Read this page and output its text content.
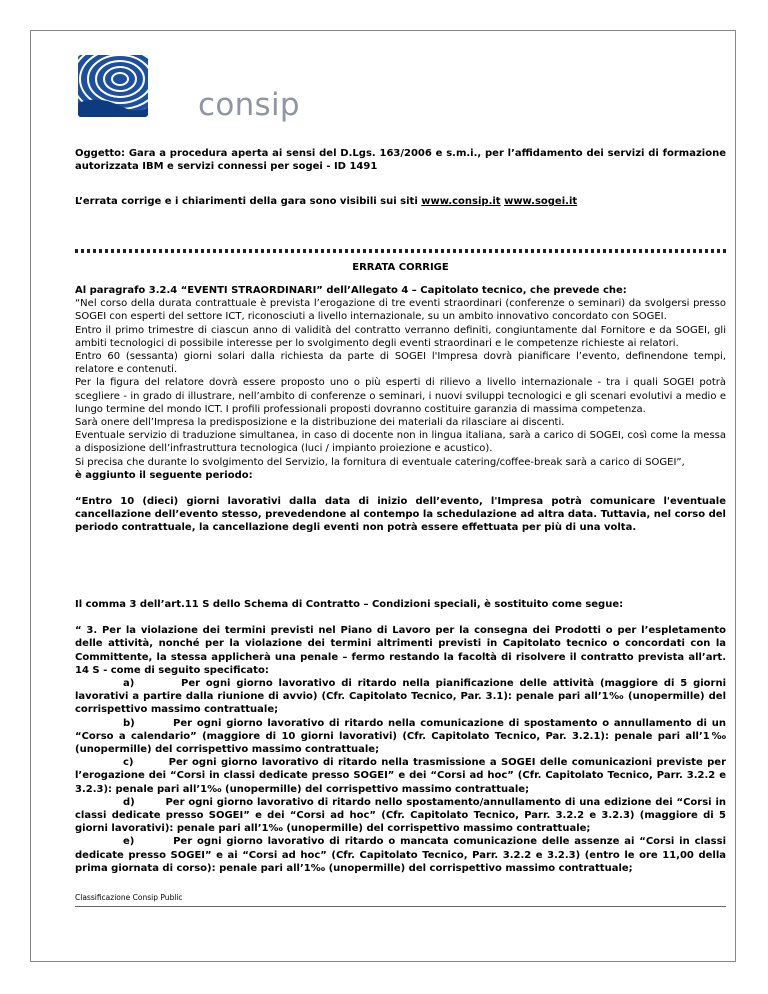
consip

Oggetto: Gara a procedura aperta ai sensi del D.Lgs. 163/2006 e s.m.i., per l’affidamento dei servizi di formazione autorizzata IBM e servizi connessi per sogei - ID 1491

L’errata corrige e i chiarimenti della gara sono visibili sui siti www.consip.it www.sogei.it

ERRATA CORRIGE

Al paragrafo 3.2.4 “EVENTI STRAORDINARI” dell’Allegato 4 – Capitolato tecnico, che prevede che:

“Nel corso della durata contrattuale è prevista l’erogazione di tre eventi straordinari (conferenze o seminari) da svolgersi presso SOGEI con esperti del settore ICT, riconosciuti a livello internazionale, su un ambito innovativo concordato con SOGEI.

Entro il primo trimestre di ciascun anno di validità del contratto verranno definiti, congiuntamente dal Fornitore e da SOGEI, gli ambiti tecnologici di possibile interesse per lo svolgimento degli eventi straordinari e le competenze richieste ai relatori.

Entro 60 (sessanta) giorni solari dalla richiesta da parte di SOGEI l'Impresa dovrà pianificare l’evento, definendone tempi, relatore e contenuti.

Per la figura del relatore dovrà essere proposto uno o più esperti di rilievo a livello internazionale - tra i quali SOGEI potrà scegliere - in grado di illustrare, nell’ambito di conferenze o seminari, i nuovi sviluppi tecnologici e gli scenari evolutivi a medio e lungo termine del mondo ICT. I profili professionali proposti dovranno costituire garanzia di massima competenza.

Sarà onere dell’Impresa la predisposizione e la distribuzione dei materiali da rilasciare ai discenti.

Eventuale servizio di traduzione simultanea, in caso di docente non in lingua italiana, sarà a carico di SOGEI, così come la messa a disposizione dell’infrastruttura tecnologica (luci / impianto proiezione e acustico).

Si precisa che durante lo svolgimento del Servizio, la fornitura di eventuale catering/coffee-break sarà a carico di SOGEI”,

è aggiunto il seguente periodo:

“Entro 10 (dieci) giorni lavorativi dalla data di inizio dell’evento, l'Impresa potrà comunicare l'eventuale cancellazione dell’evento stesso, prevedendone al contempo la schedulazione ad altra data. Tuttavia, nel corso del periodo contrattuale, la cancellazione degli eventi non potrà essere effettuata per più di una volta.

Il comma 3 dell’art.11 S dello Schema di Contratto – Condizioni speciali, è sostituito come segue:

“ 3. Per la violazione dei termini previsti nel Piano di Lavoro per la consegna dei Prodotti o per l’espletamento delle attività, nonché per la violazione dei termini altrimenti previsti in Capitolato tecnico o concordati con la Committente, la stessa applicherà una penale – fermo restando la facoltà di risolvere il contratto prevista all’art. 14 S - come di seguito specificato:

a)	Per ogni giorno lavorativo di ritardo nella pianificazione delle attività (maggiore di 5 giorni lavorativi a partire dalla riunione di avvio) (Cfr. Capitolato Tecnico, Par. 3.1): penale pari all’1‰ (unopermille) del corrispettivo massimo contrattuale;

b)	Per ogni giorno lavorativo di ritardo nella comunicazione di spostamento o annullamento di un “Corso a calendario” (maggiore di 10 giorni lavorativi) (Cfr. Capitolato Tecnico, Par. 3.2.1): penale pari all’1‰ (unopermille) del corrispettivo massimo contrattuale;

c)	Per ogni giorno lavorativo di ritardo nella trasmissione a SOGEI delle comunicazioni previste per l’erogazione dei “Corsi in classi dedicate presso SOGEI” e dei “Corsi ad hoc” (Cfr. Capitolato Tecnico, Parr. 3.2.2 e 3.2.3): penale pari all’1‰ (unopermille) del corrispettivo massimo contrattuale;

d)	Per ogni giorno lavorativo di ritardo nello spostamento/annullamento di una edizione dei “Corsi in classi dedicate presso SOGEI” e dei “Corsi ad hoc” (Cfr. Capitolato Tecnico, Parr. 3.2.2 e 3.2.3) (maggiore di 5 giorni lavorativi): penale pari all’1‰ (unopermille) del corrispettivo massimo contrattuale;

e)	Per ogni giorno lavorativo di ritardo o mancata comunicazione delle assenze ai “Corsi in classi dedicate presso SOGEI” e ai “Corsi ad hoc” (Cfr. Capitolato Tecnico, Parr. 3.2.2 e 3.2.3) (entro le ore 11,00 della prima giornata di corso): penale pari all’1‰ (unopermille) del corrispettivo massimo contrattuale;

Classificazione Consip Public
